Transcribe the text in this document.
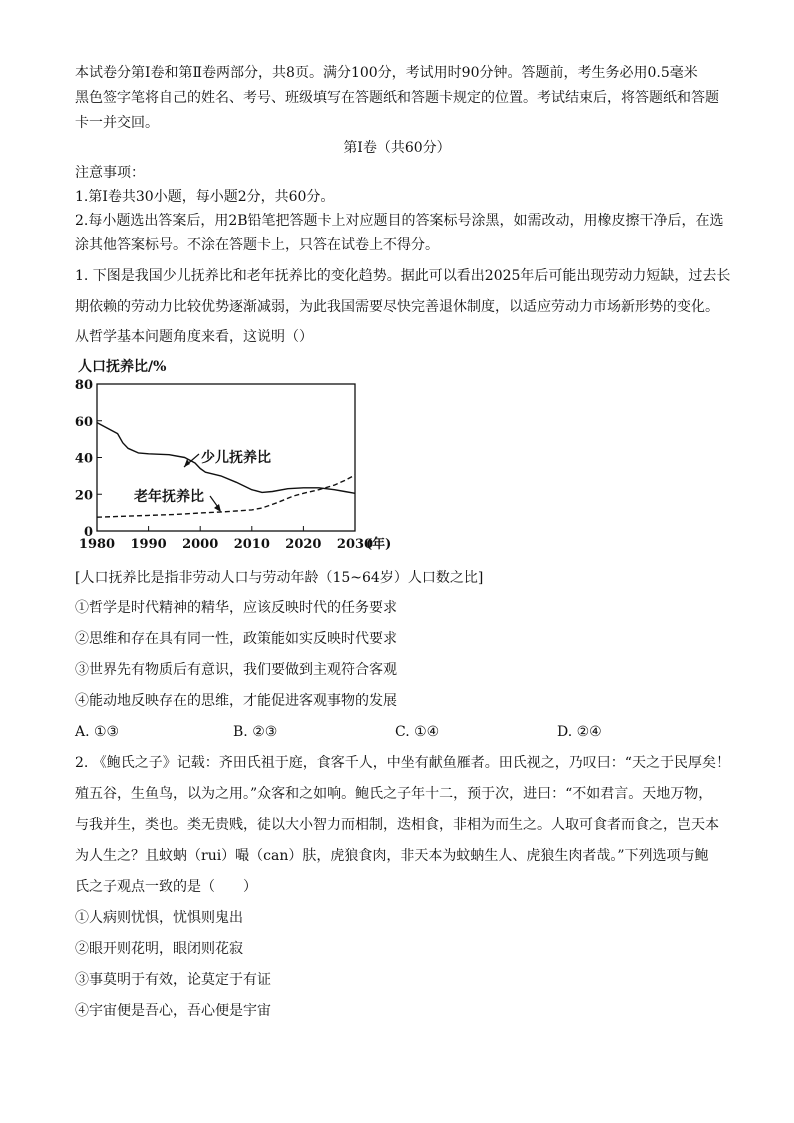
本试卷分第Ⅰ卷和第Ⅱ卷两部分，共8页。满分100分，考试用时90分钟。答题前，考生务必用0.5毫米
黑色签字笔将自己的姓名、考号、班级填写在答题纸和答题卡规定的位置。考试结束后，将答题纸和答题
卡一并交回。
第Ⅰ卷（共60分）
注意事项：
1.第Ⅰ卷共30小题，每小题2分，共60分。
2.每小题选出答案后，用2B铅笔把答题卡上对应题目的答案标号涂黑，如需改动，用橡皮擦干净后，在选
涂其他答案标号。不涂在答题卡上，只答在试卷上不得分。
1. 下图是我国少儿抚养比和老年抚养比的变化趋势。据此可以看出2025年后可能出现劳动力短缺，过去长
期依赖的劳动力比较优势逐渐减弱，为此我国需要尽快完善退休制度，以适应劳动力市场新形势的变化。
从哲学基本问题角度来看，这说明（）
人口抚养比/%
0
20
40
60
80
1980 1990 2000 2010 2020 2030
少儿抚养比
老年抚养比
(年)
[人口抚养比是指非劳动人口与劳动年龄（15~64岁）人口数之比]
①哲学是时代精神的精华，应该反映时代的任务要求
②思维和存在具有同一性，政策能如实反映时代要求
③世界先有物质后有意识，我们要做到主观符合客观
④能动地反映存在的思维，才能促进客观事物的发展
A. ①③	B. ②③	C. ①④	D. ②④
2. 《鲍氏之子》记载：齐田氏祖于庭，食客千人，中坐有献鱼雁者。田氏视之，乃叹曰：“天之于民厚矣！
殖五谷，生鱼鸟，以为之用。”众客和之如响。鲍氏之子年十二，预于次，进曰：“不如君言。天地万物，
与我并生，类也。类无贵贱，徒以大小智力而相制，迭相食，非相为而生之。人取可食者而食之，岂天本
为人生之？且蚊蚋（rui）嘬（can）肤，虎狼食肉，非天本为蚊蚋生人、虎狼生肉者哉。”下列选项与鲍
氏之子观点一致的是（　　）
①人病则忧惧，忧惧则鬼出
②眼开则花明，眼闭则花寂
③事莫明于有效，论莫定于有证
④宇宙便是吾心，吾心便是宇宙
